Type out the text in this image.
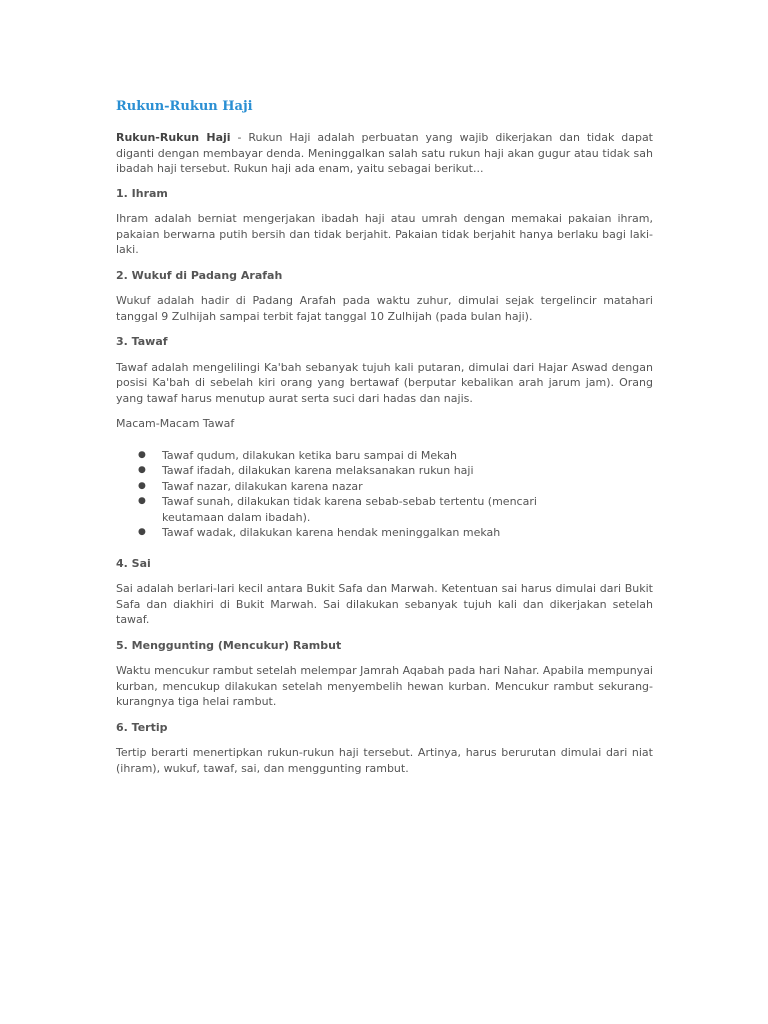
Rukun-Rukun Haji

Rukun-Rukun Haji - Rukun Haji adalah perbuatan yang wajib dikerjakan dan tidak dapat diganti dengan membayar denda. Meninggalkan salah satu rukun haji akan gugur atau tidak sah ibadah haji tersebut. Rukun haji ada enam, yaitu sebagai berikut...

1. Ihram

Ihram adalah berniat mengerjakan ibadah haji atau umrah dengan memakai pakaian ihram, pakaian berwarna putih bersih dan tidak berjahit. Pakaian tidak berjahit hanya berlaku bagi laki-laki.

2. Wukuf di Padang Arafah

Wukuf adalah hadir di Padang Arafah pada waktu zuhur, dimulai sejak tergelincir matahari tanggal 9 Zulhijah sampai terbit fajat tanggal 10 Zulhijah (pada bulan haji).

3. Tawaf

Tawaf adalah mengelilingi Ka'bah sebanyak tujuh kali putaran, dimulai dari Hajar Aswad dengan posisi Ka'bah di sebelah kiri orang yang bertawaf (berputar kebalikan arah jarum jam). Orang yang tawaf harus menutup aurat serta suci dari hadas dan najis.

Macam-Macam Tawaf
● Tawaf qudum, dilakukan ketika baru sampai di Mekah
● Tawaf ifadah, dilakukan karena melaksanakan rukun haji
● Tawaf nazar, dilakukan karena nazar
● Tawaf sunah, dilakukan tidak karena sebab-sebab tertentu (mencari keutamaan dalam ibadah).
● Tawaf wadak, dilakukan karena hendak meninggalkan mekah
4. Sai

Sai adalah berlari-lari kecil antara Bukit Safa dan Marwah. Ketentuan sai harus dimulai dari Bukit Safa dan diakhiri di Bukit Marwah. Sai dilakukan sebanyak tujuh kali dan dikerjakan setelah tawaf.

5. Menggunting (Mencukur) Rambut

Waktu mencukur rambut setelah melempar Jamrah Aqabah pada hari Nahar. Apabila mempunyai kurban, mencukup dilakukan setelah menyembelih hewan kurban. Mencukur rambut sekurang-kurangnya tiga helai rambut.

6. Tertip

Tertip berarti menertipkan rukun-rukun haji tersebut. Artinya, harus berurutan dimulai dari niat (ihram), wukuf, tawaf, sai, dan menggunting rambut.
